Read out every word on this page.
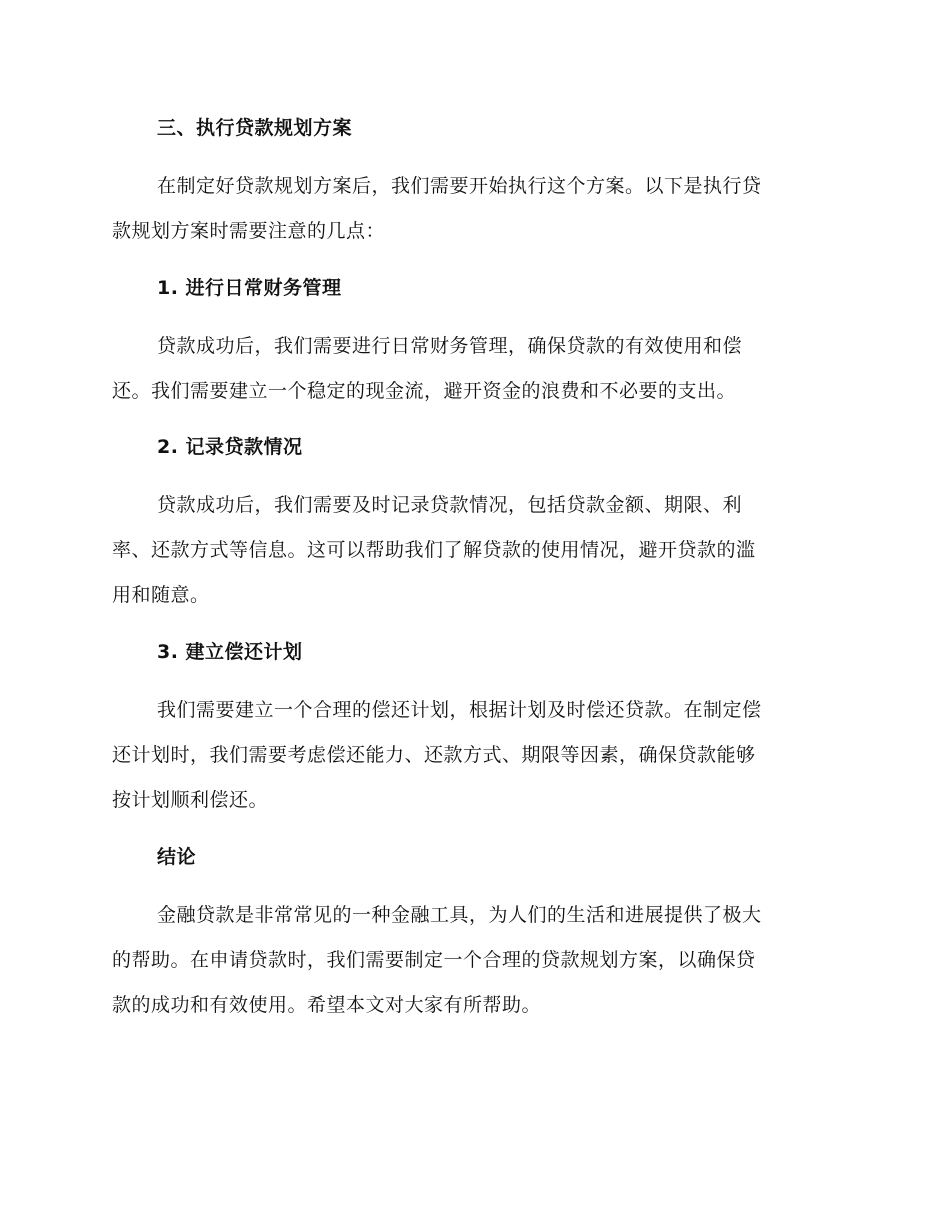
三、执行贷款规划方案
在制定好贷款规划方案后，我们需要开始执行这个方案。以下是执行贷
款规划方案时需要注意的几点：
1. 进行日常财务管理
贷款成功后，我们需要进行日常财务管理，确保贷款的有效使用和偿
还。我们需要建立一个稳定的现金流，避开资金的浪费和不必要的支出。
2. 记录贷款情况
贷款成功后，我们需要及时记录贷款情况，包括贷款金额、期限、利
率、还款方式等信息。这可以帮助我们了解贷款的使用情况，避开贷款的滥
用和随意。
3. 建立偿还计划
我们需要建立一个合理的偿还计划，根据计划及时偿还贷款。在制定偿
还计划时，我们需要考虑偿还能力、还款方式、期限等因素，确保贷款能够
按计划顺利偿还。
结论
金融贷款是非常常见的一种金融工具，为人们的生活和进展提供了极大
的帮助。在申请贷款时，我们需要制定一个合理的贷款规划方案，以确保贷
款的成功和有效使用。希望本文对大家有所帮助。
